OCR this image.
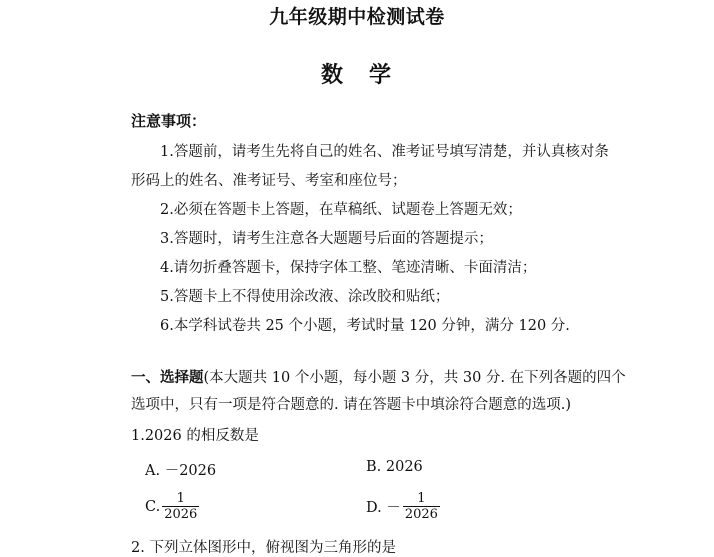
九年级期中检测试卷
数　学
注意事项：
1.答题前，请考生先将自己的姓名、准考证号填写清楚，并认真核对条
形码上的姓名、准考证号、考室和座位号；
2.必须在答题卡上答题，在草稿纸、试题卷上答题无效；
3.答题时，请考生注意各大题题号后面的答题提示；
4.请勿折叠答题卡，保持字体工整、笔迹清晰、卡面清洁；
5.答题卡上不得使用涂改液、涂改胶和贴纸；
6.本学科试卷共 25 个小题，考试时量 120 分钟，满分 120 分.
一、选择题(本大题共 10 个小题，每小题 3 分，共 30 分. 在下列各题的四个
选项中，只有一项是符合题意的. 请在答题卡中填涂符合题意的选项.)
1.2026 的相反数是
A. －2026	B. 2026
C. $\frac{1}{2026}$	D. － $\frac{1}{2026}$
2. 下列立体图形中，俯视图为三角形的是
